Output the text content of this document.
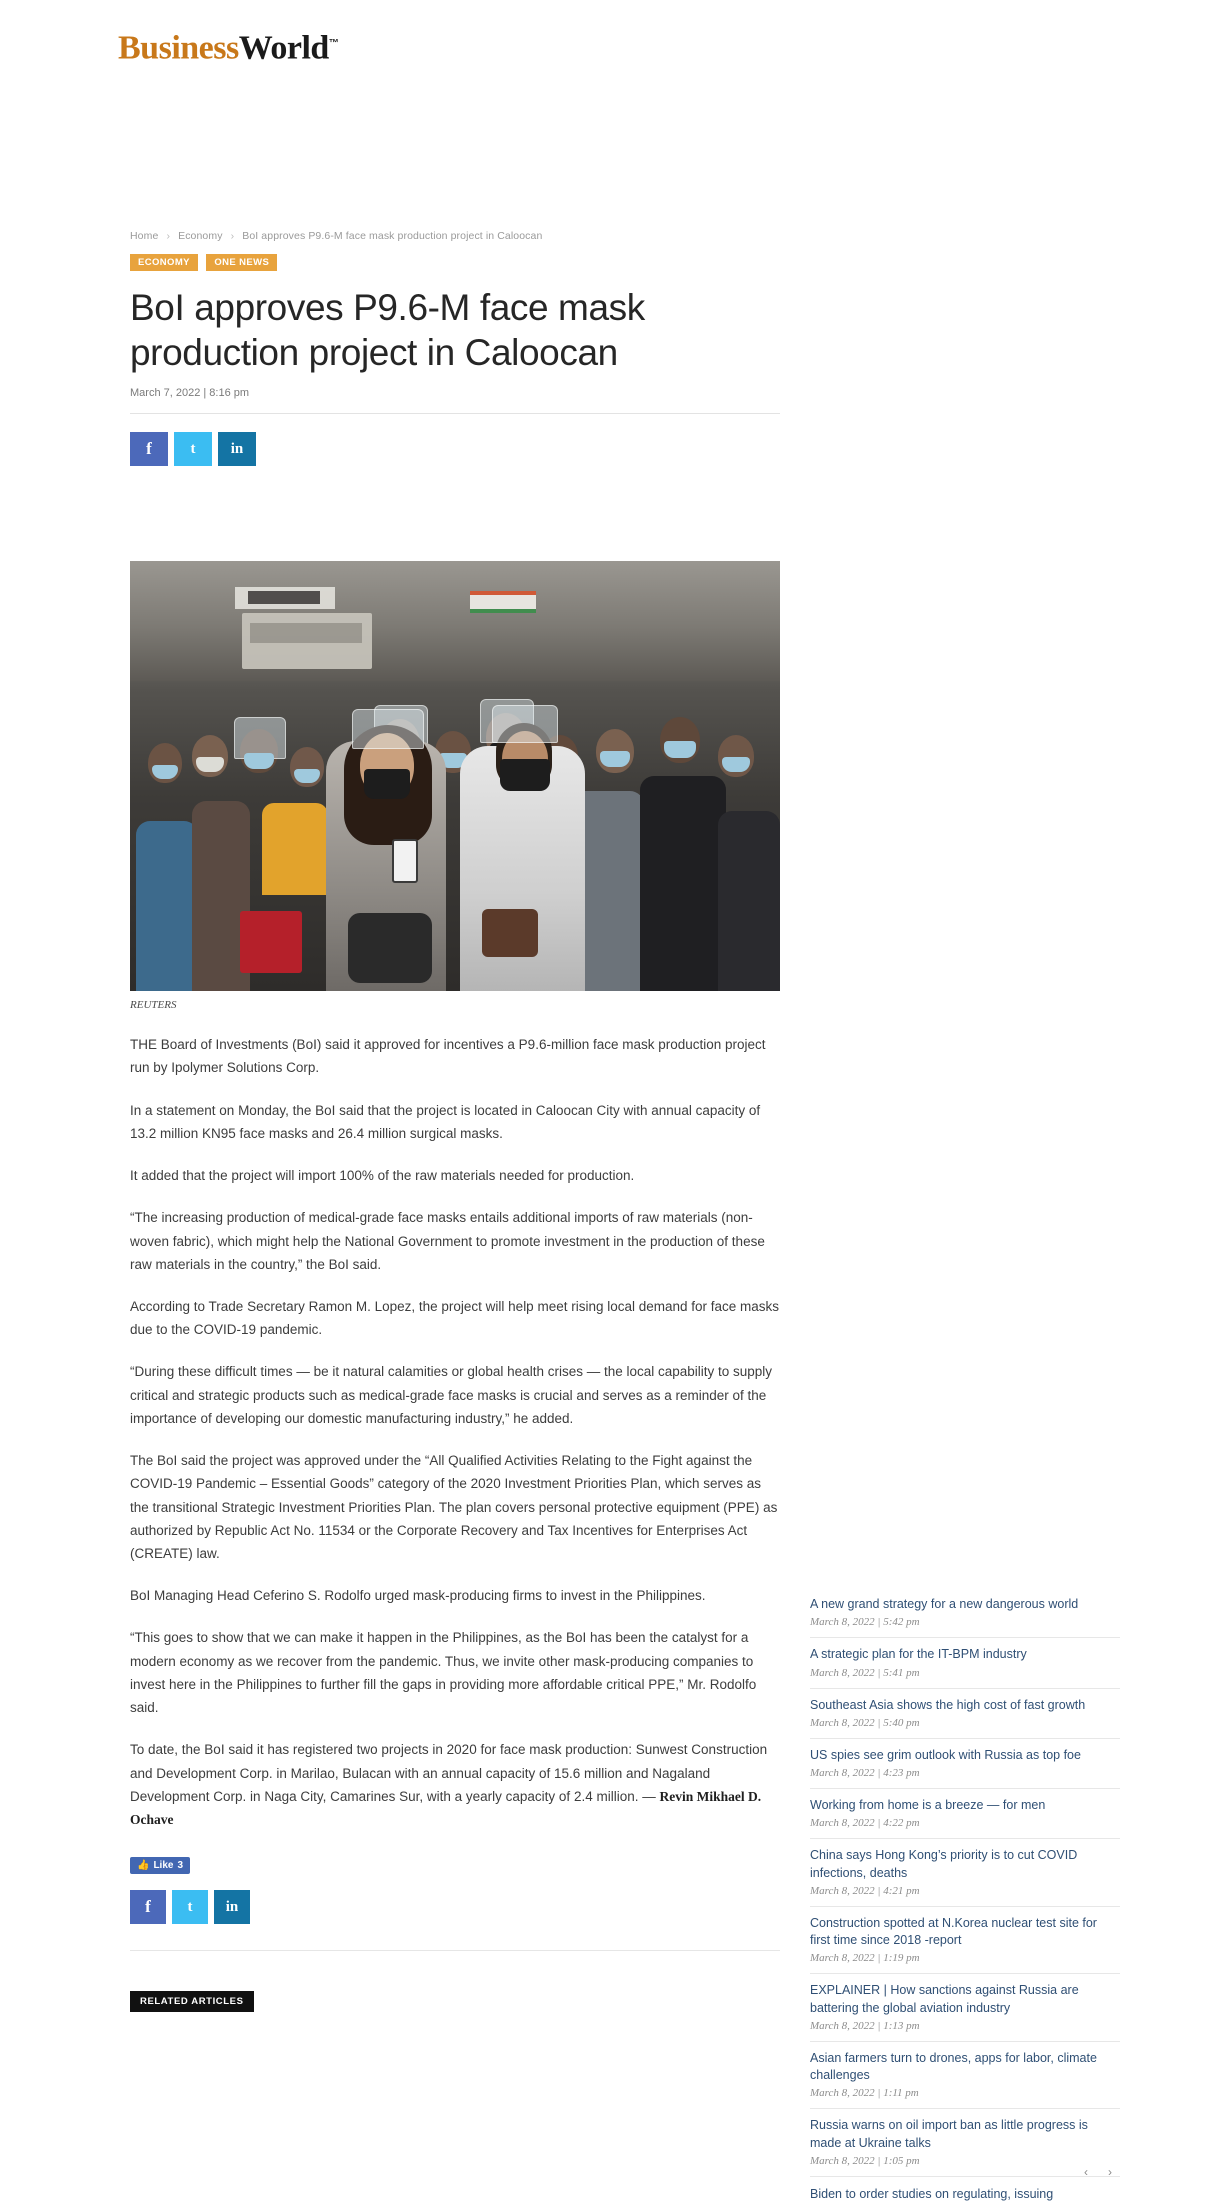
BusinessWorld™
Home › Economy › BoI approves P9.6-M face mask production project in Caloocan
ECONOMY	ONE NEWS
BoI approves P9.6-M face mask production project in Caloocan
March 7, 2022 | 8:16 pm
f	t	in
REUTERS

THE Board of Investments (BoI) said it approved for incentives a P9.6-million face mask production project run by Ipolymer Solutions Corp.

In a statement on Monday, the BoI said that the project is located in Caloocan City with annual capacity of 13.2 million KN95 face masks and 26.4 million surgical masks.

It added that the project will import 100% of the raw materials needed for production.

“The increasing production of medical-grade face masks entails additional imports of raw materials (non-woven fabric), which might help the National Government to promote investment in the production of these raw materials in the country,” the BoI said.

According to Trade Secretary Ramon M. Lopez, the project will help meet rising local demand for face masks due to the COVID-19 pandemic.

“During these difficult times — be it natural calamities or global health crises — the local capability to supply critical and strategic products such as medical-grade face masks is crucial and serves as a reminder of the importance of developing our domestic manufacturing industry,” he added.

The BoI said the project was approved under the “All Qualified Activities Relating to the Fight against the COVID-19 Pandemic – Essential Goods” category of the 2020 Investment Priorities Plan, which serves as the transitional Strategic Investment Priorities Plan. The plan covers personal protective equipment (PPE) as authorized by Republic Act No. 11534 or the Corporate Recovery and Tax Incentives for Enterprises Act (CREATE) law.

BoI Managing Head Ceferino S. Rodolfo urged mask-producing firms to invest in the Philippines.

“This goes to show that we can make it happen in the Philippines, as the BoI has been the catalyst for a modern economy as we recover from the pandemic. Thus, we invite other mask-producing companies to invest here in the Philippines to further fill the gaps in providing more affordable critical PPE,” Mr. Rodolfo said.

To date, the BoI said it has registered two projects in 2020 for face mask production: Sunwest Construction and Development Corp. in Marilao, Bulacan with an annual capacity of 15.6 million and Nagaland Development Corp. in Naga City, Camarines Sur, with a yearly capacity of 2.4 million. — Revin Mikhael D. Ochave

👍 Like 3
f	t	in
RELATED ARTICLES
A new grand strategy for a new dangerous world
March 8, 2022 | 5:42 pm
A strategic plan for the IT-BPM industry
March 8, 2022 | 5:41 pm
Southeast Asia shows the high cost of fast growth
March 8, 2022 | 5:40 pm
US spies see grim outlook with Russia as top foe
March 8, 2022 | 4:23 pm
Working from home is a breeze — for men
March 8, 2022 | 4:22 pm
China says Hong Kong’s priority is to cut COVID infections, deaths
March 8, 2022 | 4:21 pm
Construction spotted at N.Korea nuclear test site for first time since 2018 -report
March 8, 2022 | 1:19 pm
EXPLAINER | How sanctions against Russia are battering the global aviation industry
March 8, 2022 | 1:13 pm
Asian farmers turn to drones, apps for labor, climate challenges
March 8, 2022 | 1:11 pm
Russia warns on oil import ban as little progress is made at Ukraine talks
March 8, 2022 | 1:05 pm
‹	›
Biden to order studies on regulating, issuing
